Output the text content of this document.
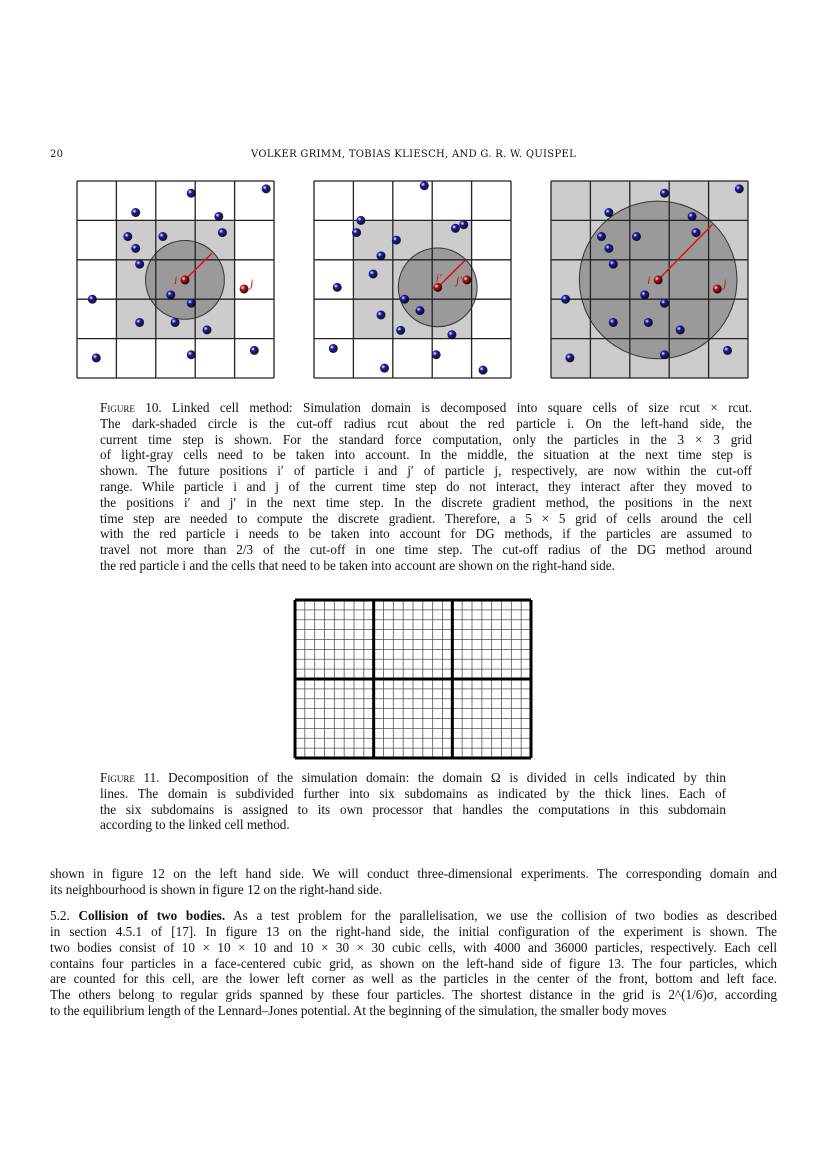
20	VOLKER GRIMM, TOBIAS KLIESCH, AND G. R. W. QUISPEL
i	j	i′ j′	i	j
Figure 10. Linked cell method: Simulation domain is decomposed into square cells of size rcut × rcut.
The dark-shaded circle is the cut-off radius rcut about the red particle i. On the left-hand side, the
current time step is shown. For the standard force computation, only the particles in the 3 × 3 grid
of light-gray cells need to be taken into account. In the middle, the situation at the next time step is
shown. The future positions i′ of particle i and j′ of particle j, respectively, are now within the cut-off
range. While particle i and j of the current time step do not interact, they interact after they moved to
the positions i′ and j′ in the next time step. In the discrete gradient method, the positions in the next
time step are needed to compute the discrete gradient. Therefore, a 5 × 5 grid of cells around the cell
with the red particle i needs to be taken into account for DG methods, if the particles are assumed to
travel not more than 2/3 of the cut-off in one time step. The cut-off radius of the DG method around
the red particle i and the cells that need to be taken into account are shown on the right-hand side.
Figure 11. Decomposition of the simulation domain: the domain Ω is divided in cells indicated by thin
lines. The domain is subdivided further into six subdomains as indicated by the thick lines. Each of
the six subdomains is assigned to its own processor that handles the computations in this subdomain
according to the linked cell method.
shown in figure 12 on the left hand side. We will conduct three-dimensional experiments. The corresponding domain and
its neighbourhood is shown in figure 12 on the right-hand side.
5.2. Collision of two bodies. As a test problem for the parallelisation, we use the collision of two bodies as described
in section 4.5.1 of [17]. In figure 13 on the right-hand side, the initial configuration of the experiment is shown. The
two bodies consist of 10 × 10 × 10 and 10 × 30 × 30 cubic cells, with 4000 and 36000 particles, respectively. Each cell
contains four particles in a face-centered cubic grid, as shown on the left-hand side of figure 13. The four particles, which
are counted for this cell, are the lower left corner as well as the particles in the center of the front, bottom and left face.
The others belong to regular grids spanned by these four particles. The shortest distance in the grid is 2^(1/6)σ, according
to the equilibrium length of the Lennard–Jones potential. At the beginning of the simulation, the smaller body moves
